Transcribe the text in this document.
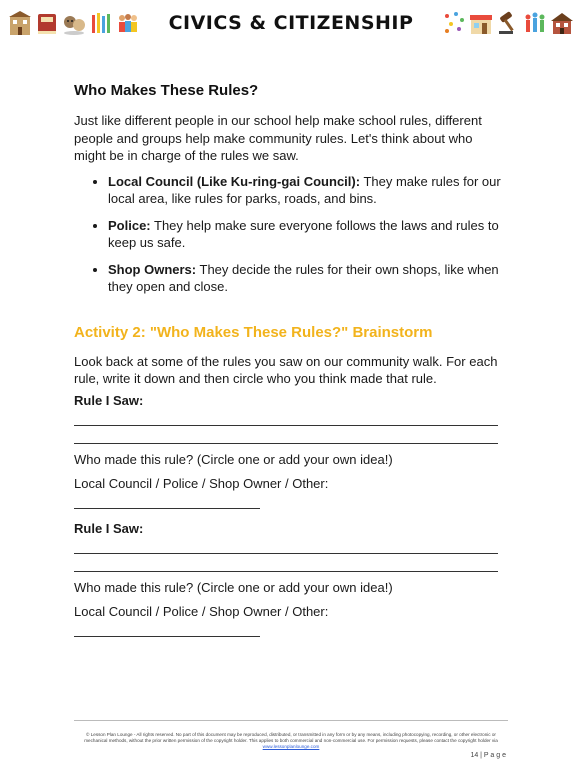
CIVICS & CITIZENSHIP
Who Makes These Rules?

Just like different people in our school help make school rules, different people and groups help make community rules. Let's think about who might be in charge of the rules we saw.

• Local Council (Like Ku-ring-gai Council): They make rules for our local area, like rules for parks, roads, and bins.
• Police: They help make sure everyone follows the laws and rules to keep us safe.
• Shop Owners: They decide the rules for their own shops, like when they open and close.
Activity 2: "Who Makes These Rules?" Brainstorm

Look back at some of the rules you saw on our community walk. For each rule, write it down and then circle who you think made that rule.

Rule I Saw:
Who made this rule? (Circle one or add your own idea!)
Local Council / Police / Shop Owner / Other:
Rule I Saw:
Who made this rule? (Circle one or add your own idea!)
Local Council / Police / Shop Owner / Other:
© Lesson Plan Lounge - All rights reserved. No part of this document may be reproduced, distributed, or transmitted in any form or by any means, including photocopying, recording, or other electronic or mechanical methods, without the prior written permission of the copyright holder. This applies to both commercial and non-commercial use. For permission requests, please contact the copyright holder via
www.lessonplanlounge.com
14 | P a g e
